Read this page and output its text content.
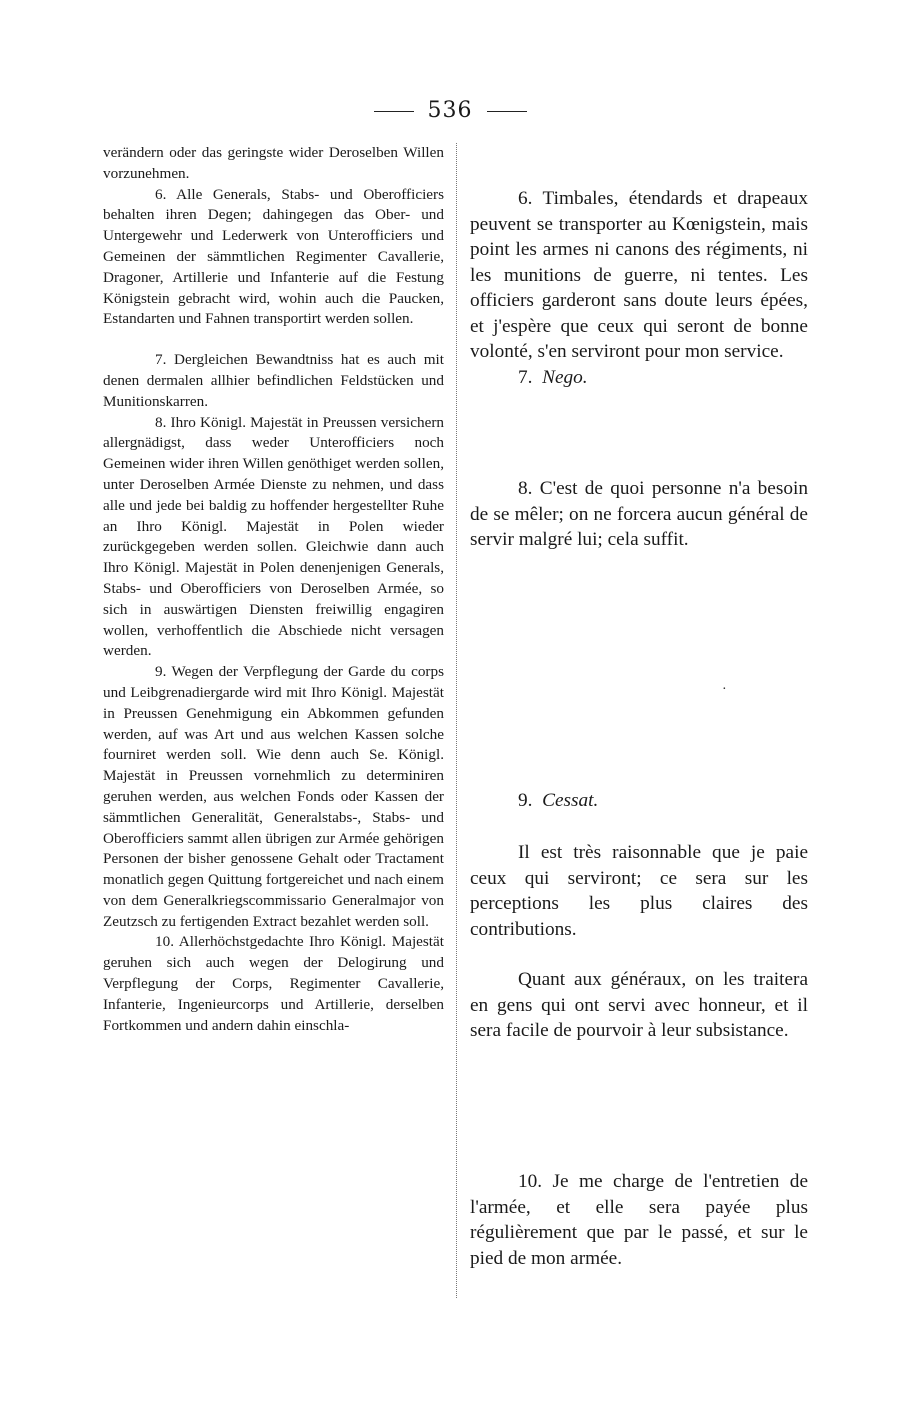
536

verändern oder das geringste wider Deroselben Willen vorzunehmen.

6. Alle Generals, Stabs- und Oberofficiers behalten ihren Degen; dahingegen das Ober- und Untergewehr und Lederwerk von Unterofficiers und Gemeinen der sämmtlichen Regimenter Cavallerie, Dragoner, Artillerie und Infanterie auf die Festung Königstein gebracht wird, wohin auch die Paucken, Estandarten und Fahnen transportirt werden sollen.

7. Dergleichen Bewandtniss hat es auch mit denen dermalen allhier befindlichen Feldstücken und Munitionskarren.

8. Ihro Königl. Majestät in Preussen versichern allergnädigst, dass weder Unterofficiers noch Gemeinen wider ihren Willen genöthiget werden sollen, unter Deroselben Armée Dienste zu nehmen, und dass alle und jede bei baldig zu hoffender hergestellter Ruhe an Ihro Königl. Majestät in Polen wieder zurückgegeben werden sollen. Gleichwie dann auch Ihro Königl. Majestät in Polen denenjenigen Generals, Stabs- und Oberofficiers von Deroselben Armée, so sich in auswärtigen Diensten freiwillig engagiren wollen, verhoffentlich die Abschiede nicht versagen werden.

9. Wegen der Verpflegung der Garde du corps und Leibgrenadiergarde wird mit Ihro Königl. Majestät in Preussen Genehmigung ein Abkommen gefunden werden, auf was Art und aus welchen Kassen solche fourniret werden soll. Wie denn auch Se. Königl. Majestät in Preussen vornehmlich zu determiniren geruhen werden, aus welchen Fonds oder Kassen der sämmtlichen Generalität, Generalstabs-, Stabs- und Oberofficiers sammt allen übrigen zur Armée gehörigen Personen der bisher genossene Gehalt oder Tractament monatlich gegen Quittung fortgereichet und nach einem von dem Generalkriegscommissario Generalmajor von Zeutzsch zu fertigenden Extract bezahlet werden soll.

10. Allerhöchstgedachte Ihro Königl. Majestät geruhen sich auch wegen der Delogirung und Verpflegung der Corps, Regimenter Cavallerie, Infanterie, Ingenieurcorps und Artillerie, derselben Fortkommen und andern dahin einschla-

6. Timbales, étendards et drapeaux peuvent se transporter au Kœnigstein, mais point les armes ni canons des régiments, ni les munitions de guerre, ni tentes. Les officiers garderont sans doute leurs épées, et j'espère que ceux qui seront de bonne volonté, s'en serviront pour mon service.

7. Nego.

8. C'est de quoi personne n'a besoin de se mêler; on ne forcera aucun général de servir malgré lui; cela suffit.

·

9. Cessat.

Il est très raisonnable que je paie ceux qui serviront; ce sera sur les perceptions les plus claires des contributions.

Quant aux généraux, on les traitera en gens qui ont servi avec honneur, et il sera facile de pourvoir à leur subsistance.

10. Je me charge de l'entretien de l'armée, et elle sera payée plus régulièrement que par le passé, et sur le pied de mon armée.
